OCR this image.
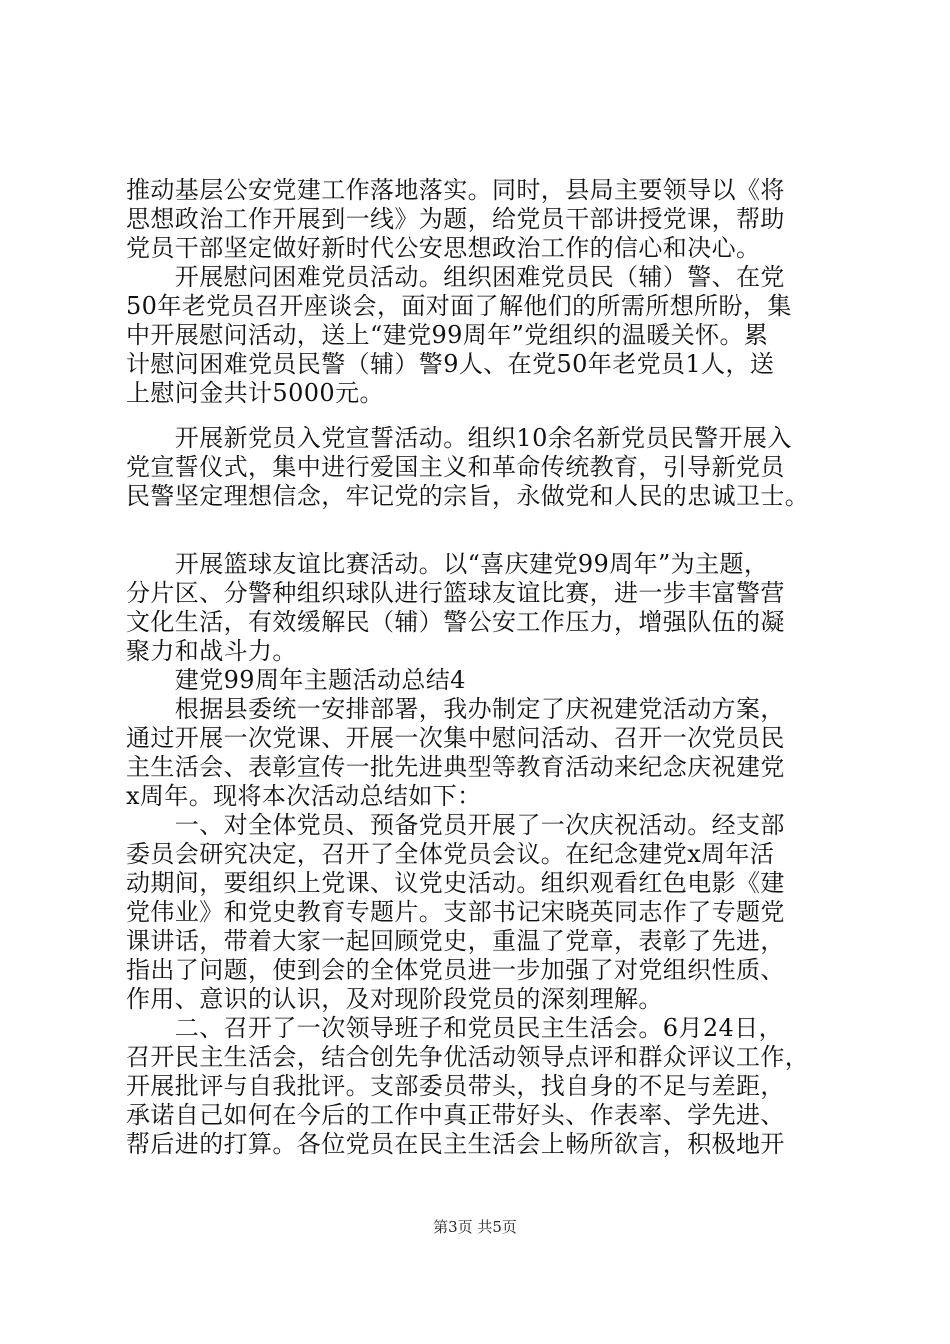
推动基层公安党建工作落地落实。同时，县局主要领导以《将
思想政治工作开展到一线》为题，给党员干部讲授党课，帮助
党员干部坚定做好新时代公安思想政治工作的信心和决心。
　　开展慰问困难党员活动。组织困难党员民（辅）警、在党
50年老党员召开座谈会，面对面了解他们的所需所想所盼，集
中开展慰问活动，送上“建党99周年”党组织的温暖关怀。累
计慰问困难党员民警（辅）警9人、在党50年老党员1人，送
上慰问金共计5000元。
　　开展新党员入党宣誓活动。组织10余名新党员民警开展入
党宣誓仪式，集中进行爱国主义和革命传统教育，引导新党员
民警坚定理想信念，牢记党的宗旨，永做党和人民的忠诚卫士。
　　开展篮球友谊比赛活动。以“喜庆建党99周年”为主题，
分片区、分警种组织球队进行篮球友谊比赛，进一步丰富警营
文化生活，有效缓解民（辅）警公安工作压力，增强队伍的凝
聚力和战斗力。
　　建党99周年主题活动总结4
　　根据县委统一安排部署，我办制定了庆祝建党活动方案，
通过开展一次党课、开展一次集中慰问活动、召开一次党员民
主生活会、表彰宣传一批先进典型等教育活动来纪念庆祝建党
x周年。现将本次活动总结如下：
　　一、对全体党员、预备党员开展了一次庆祝活动。经支部
委员会研究决定，召开了全体党员会议。在纪念建党x周年活
动期间，要组织上党课、议党史活动。组织观看红色电影《建
党伟业》和党史教育专题片。支部书记宋晓英同志作了专题党
课讲话，带着大家一起回顾党史，重温了党章，表彰了先进，
指出了问题，使到会的全体党员进一步加强了对党组织性质、
作用、意识的认识，及对现阶段党员的深刻理解。
　　二、召开了一次领导班子和党员民主生活会。6月24日，
召开民主生活会，结合创先争优活动领导点评和群众评议工作，
开展批评与自我批评。支部委员带头，找自身的不足与差距，
承诺自己如何在今后的工作中真正带好头、作表率、学先进、
帮后进的打算。各位党员在民主生活会上畅所欲言，积极地开
第3页 共5页
